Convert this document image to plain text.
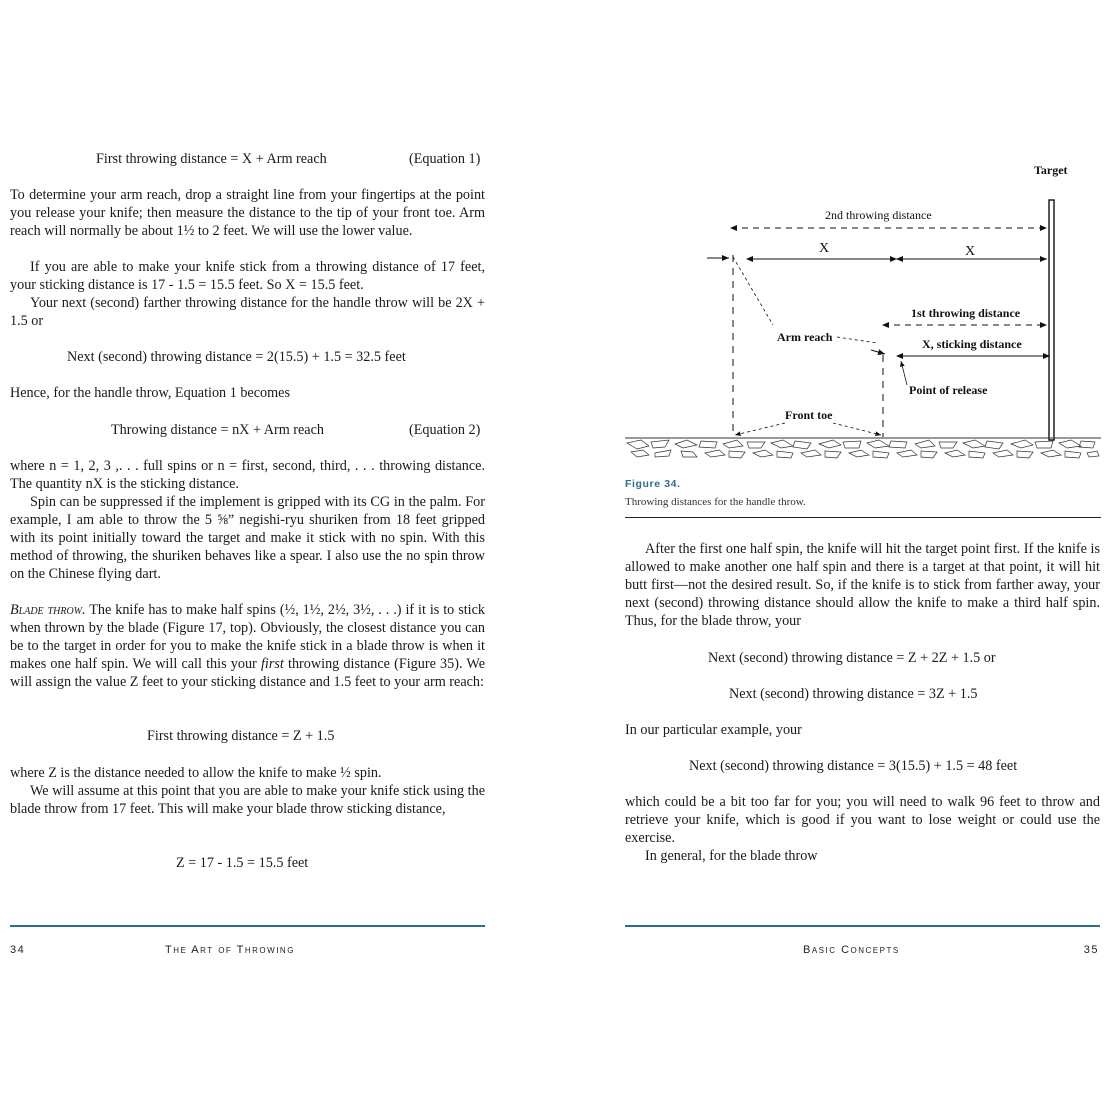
First throwing distance = X + Arm reach	(Equation 1)

To determine your arm reach, drop a straight line from your fingertips at the point you release your knife; then measure the distance to the tip of your front toe. Arm reach will normally be about 1½ to 2 feet. We will use the lower value.

If you are able to make your knife stick from a throwing distance of 17 feet, your sticking distance is 17 - 1.5 = 15.5 feet. So X = 15.5 feet.

Your next (second) farther throwing distance for the handle throw will be 2X + 1.5 or

Next (second) throwing distance = 2(15.5) + 1.5 = 32.5 feet

Hence, for the handle throw, Equation 1 becomes

Throwing distance = nX + Arm reach	(Equation 2)

where n = 1, 2, 3 ,. . . full spins or n = first, second, third, . . . throwing distance. The quantity nX is the sticking distance.

Spin can be suppressed if the implement is gripped with its CG in the palm. For example, I am able to throw the 5 ⅝” negishi-ryu shuriken from 18 feet gripped with its point initially toward the target and make it stick with no spin. With this method of throwing, the shuriken behaves like a spear. I also use the no spin throw on the Chinese flying dart.

Blade throw. The knife has to make half spins (½, 1½, 2½, 3½, . . .) if it is to stick when thrown by the blade (Figure 17, top). Obviously, the closest distance you can be to the target in order for you to make the knife stick in a blade throw is when it makes one half spin. We will call this your first throwing distance (Figure 35). We will assign the value Z feet to your sticking distance and 1.5 feet to your arm reach:

First throwing distance = Z + 1.5

where Z is the distance needed to allow the knife to make ½ spin.

We will assume at this point that you are able to make your knife stick using the blade throw from 17 feet. This will make your blade throw sticking distance,

Z = 17 - 1.5 = 15.5 feet
34	The Art of Throwing
Target
2nd throwing distance
X	X
1st throwing distance
X, sticking distance
Arm reach
Point of release
Front toe
Figure 34.
Throwing distances for the handle throw.

After the first one half spin, the knife will hit the target point first. If the knife is allowed to make another one half spin and there is a target at that point, it will hit butt first—not the desired result. So, if the knife is to stick from farther away, your next (second) throwing distance should allow the knife to make a third half spin. Thus, for the blade throw, your

Next (second) throwing distance = Z + 2Z + 1.5 or
Next (second) throwing distance = 3Z + 1.5

In our particular example, your

Next (second) throwing distance = 3(15.5) + 1.5 = 48 feet

which could be a bit too far for you; you will need to walk 96 feet to throw and retrieve your knife, which is good if you want to lose weight or could use the exercise.

In general, for the blade throw

Basic Concepts	35
